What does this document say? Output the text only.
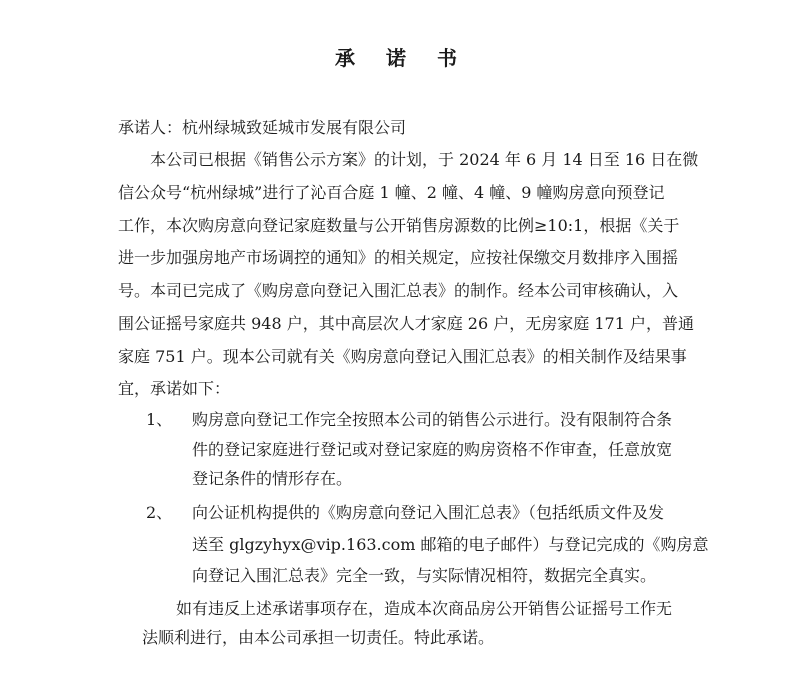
承 诺 书
承诺人：杭州绿城致延城市发展有限公司
本公司已根据《销售公示方案》的计划，于 2024 年 6 月 14 日至 16 日在微
信公众号“杭州绿城”进行了沁百合庭 1 幢、2 幢、4 幢、9 幢购房意向预登记
工作，本次购房意向登记家庭数量与公开销售房源数的比例≥10:1，根据《关于
进一步加强房地产市场调控的通知》的相关规定，应按社保缴交月数排序入围摇
号。本司已完成了《购房意向登记入围汇总表》的制作。经本公司审核确认，入
围公证摇号家庭共 948 户，其中高层次人才家庭 26 户，无房家庭 171 户，普通
家庭 751 户。现本公司就有关《购房意向登记入围汇总表》的相关制作及结果事
宜，承诺如下：
1、 购房意向登记工作完全按照本公司的销售公示进行。没有限制符合条
件的登记家庭进行登记或对登记家庭的购房资格不作审查，任意放宽
登记条件的情形存在。
2、 向公证机构提供的《购房意向登记入围汇总表》（包括纸质文件及发
送至 glgzyhyx@vip.163.com 邮箱的电子邮件）与登记完成的《购房意
向登记入围汇总表》完全一致，与实际情况相符，数据完全真实。
如有违反上述承诺事项存在，造成本次商品房公开销售公证摇号工作无
法顺利进行，由本公司承担一切责任。特此承诺。
